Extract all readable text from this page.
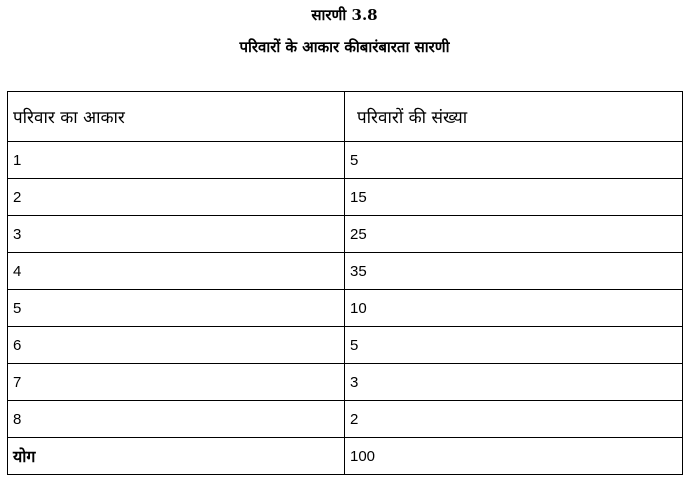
सारणी 3.8
परिवारों के आकार कीबारंबारता सारणी
परिवार का आकार	परिवारों की संख्या
1	5
2	15
3	25
4	35
5	10
6	5
7	3
8	2
योग	100
